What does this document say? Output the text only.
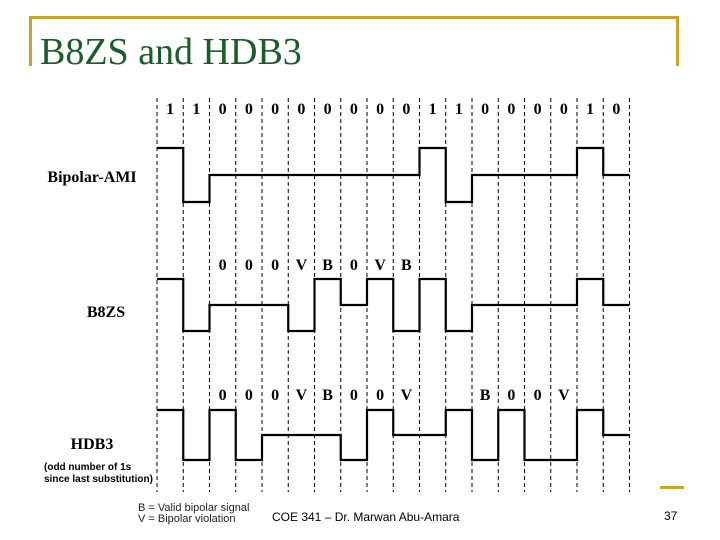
B8ZS and HDB3
1 1 0 0 0 0 0 0 0 0 1 1 0 0 0 0 1 0
Bipolar-AMI
B8ZS
0 0 0 V B 0 V B
HDB3
0 0 0 V B 0 0 V	B 0 0 V
(odd number of 1s
since last substitution)
B = Valid bipolar signal
V = Bipolar violation	COE 341 – Dr. Marwan Abu-Amara	37
